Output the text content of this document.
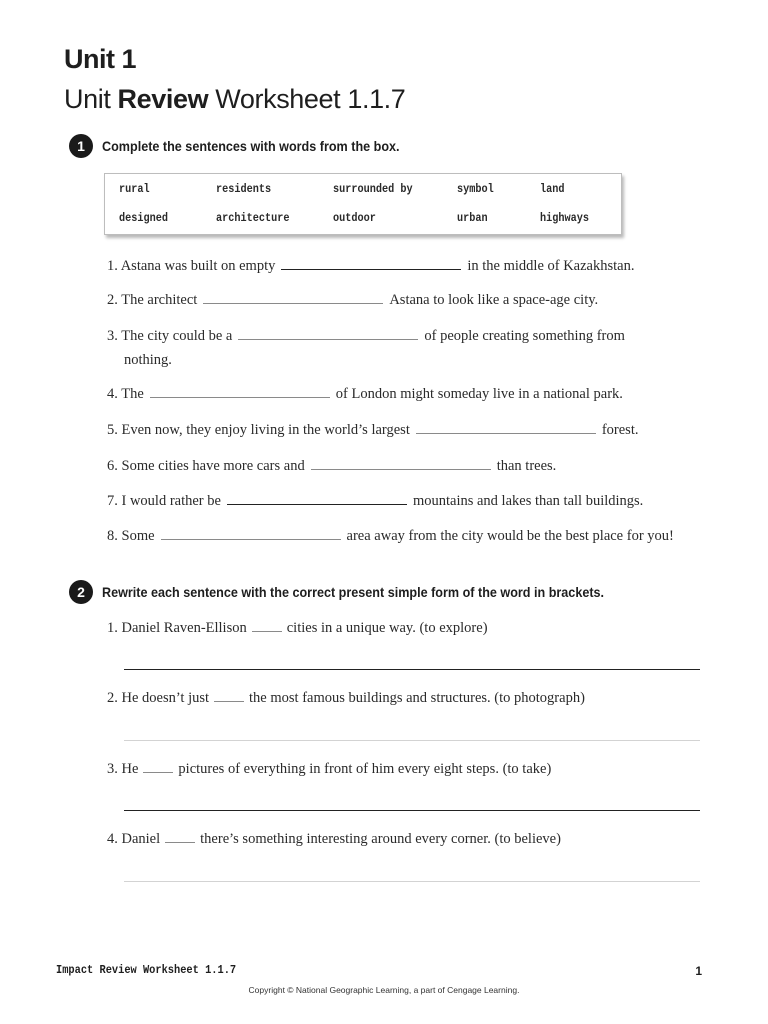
Unit 1
Unit Review Worksheet 1.1.7
1	Complete the sentences with words from the box.
rural	residents	surrounded by	symbol	land
designed	architecture	outdoor	urban	highways
1. Astana was built on empty	in the middle of Kazakhstan.
2. The architect	Astana to look like a space-age city.
3. The city could be a	of people creating something from
nothing.
4. The	of London might someday live in a national park.
5. Even now, they enjoy living in the world’s largest	forest.
6. Some cities have more cars and	than trees.
7. I would rather be	mountains and lakes than tall buildings.
8. Some	area away from the city would be the best place for you!
2	Rewrite each sentence with the correct present simple form of the word in brackets.
1. Daniel Raven-Ellison	cities in a unique way. (to explore)
2. He doesn’t just	the most famous buildings and structures. (to photograph)
3. He	pictures of everything in front of him every eight steps. (to take)
4. Daniel	there’s something interesting around every corner. (to believe)
Impact Review Worksheet 1.1.7	1
Copyright © National Geographic Learning, a part of Cengage Learning.
